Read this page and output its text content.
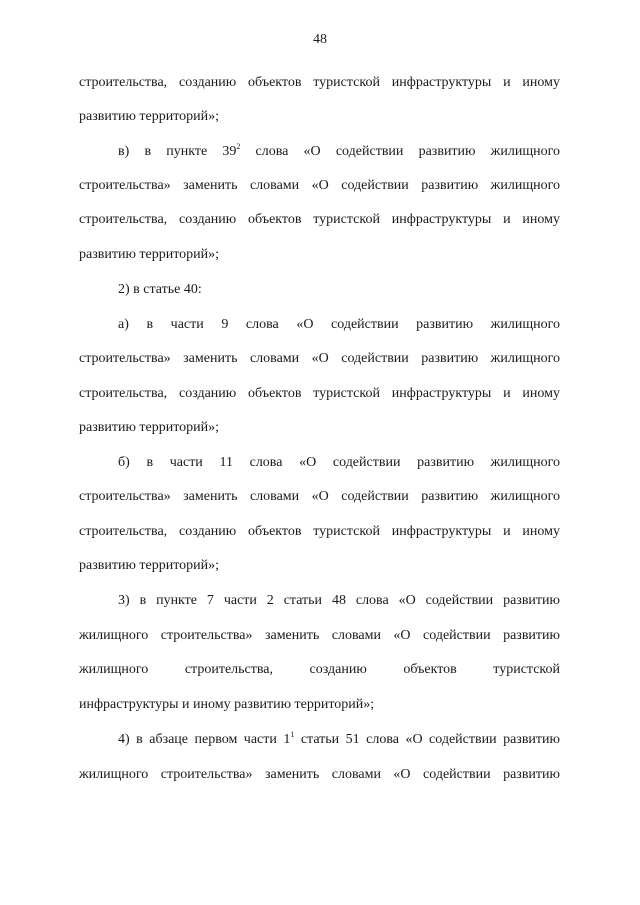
48
строительства, созданию объектов туристской инфраструктуры и иному
развитию территорий»;
в) в пункте $39^2$ слова «О содействии развитию жилищного
строительства» заменить словами «О содействии развитию жилищного
строительства, созданию объектов туристской инфраструктуры и иному
развитию территорий»;
2) в статье 40:
а) в части 9 слова «О содействии развитию жилищного
строительства» заменить словами «О содействии развитию жилищного
строительства, созданию объектов туристской инфраструктуры и иному
развитию территорий»;
б) в части 11 слова «О содействии развитию жилищного
строительства» заменить словами «О содействии развитию жилищного
строительства, созданию объектов туристской инфраструктуры и иному
развитию территорий»;
3) в пункте 7 части 2 статьи 48 слова «О содействии развитию
жилищного строительства» заменить словами «О содействии развитию
жилищного строительства, созданию объектов туристской
инфраструктуры и иному развитию территорий»;
4) в абзаце первом части $1^1$ статьи 51 слова «О содействии развитию
жилищного строительства» заменить словами «О содействии развитию
